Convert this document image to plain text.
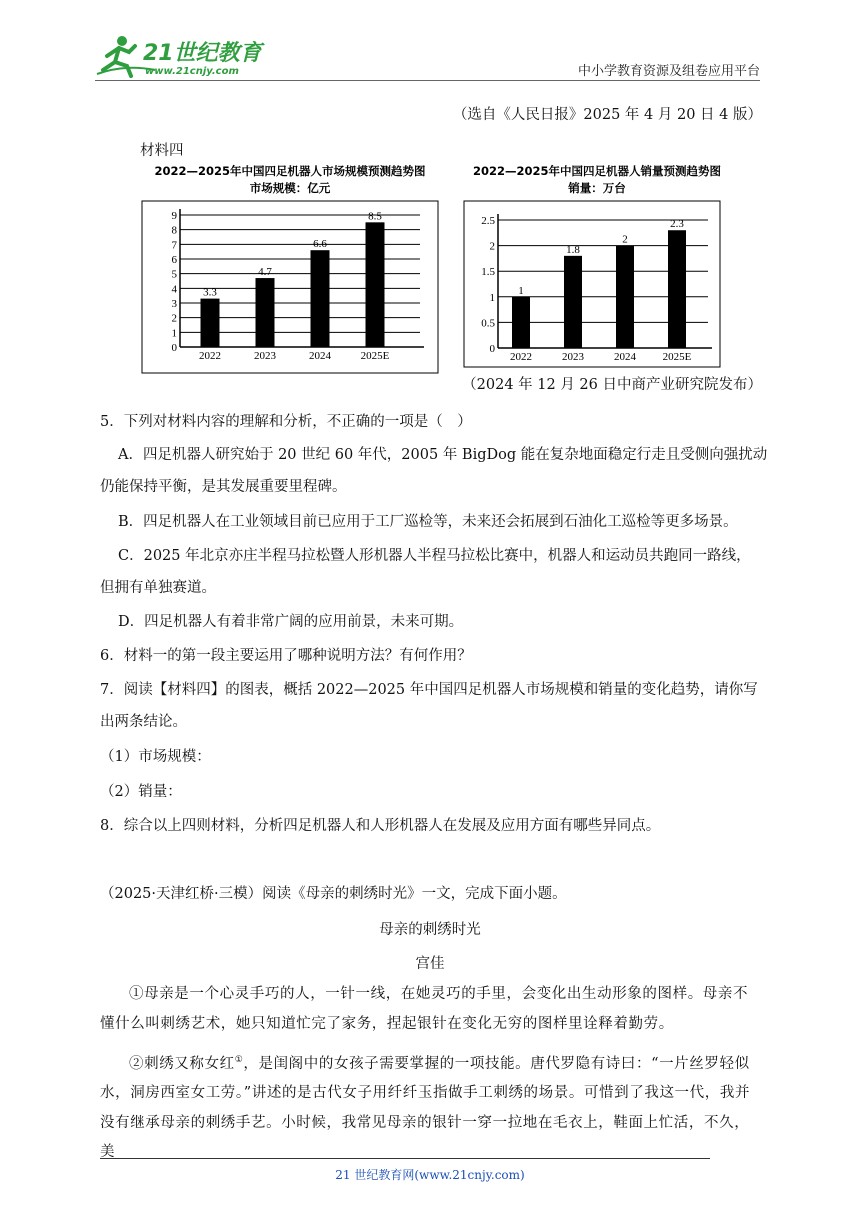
21世纪教育
www.21cnjy.com	中小学教育资源及组卷应用平台
（选自《人民日报》2025 年 4 月 20 日 4 版）
材料四
2022—2025年中国四足机器人市场规模预测趋势图
市场规模：亿元
0
1
2
3
4
5
6
7
8
9
3.3
2022
4.7
2023
6.6
2024
8.5
2025E
2022—2025年中国四足机器人销量预测趋势图
销量：万台
0
0.5
1
1.5
2
2.5
1
2022
1.8
2023
2
2024
2.3
2025E
（2024 年 12 月 26 日中商产业研究院发布）
5．下列对材料内容的理解和分析，不正确的一项是（　）
A．四足机器人研究始于 20 世纪 60 年代，2005 年 BigDog 能在复杂地面稳定行走且受侧向强扰动
仍能保持平衡，是其发展重要里程碑。
B．四足机器人在工业领域目前已应用于工厂巡检等，未来还会拓展到石油化工巡检等更多场景。
C．2025 年北京亦庄半程马拉松暨人形机器人半程马拉松比赛中，机器人和运动员共跑同一路线，
但拥有单独赛道。
D．四足机器人有着非常广阔的应用前景，未来可期。
6．材料一的第一段主要运用了哪种说明方法？有何作用？
7．阅读【材料四】的图表，概括 2022—2025 年中国四足机器人市场规模和销量的变化趋势，请你写
出两条结论。
（1）市场规模：
（2）销量：
8．综合以上四则材料，分析四足机器人和人形机器人在发展及应用方面有哪些异同点。
（2025·天津红桥·三模）阅读《母亲的刺绣时光》一文，完成下面小题。
母亲的刺绣时光
宫佳
①母亲是一个心灵手巧的人，一针一线，在她灵巧的手里，会变化出生动形象的图样。母亲不懂什么叫刺绣艺术，她只知道忙完了家务，捏起银针在变化无穷的图样里诠释着勤劳。
②刺绣又称女红①，是闺阁中的女孩子需要掌握的一项技能。唐代罗隐有诗曰：“一片丝罗轻似水，洞房西室女工劳。”讲述的是古代女子用纤纤玉指做手工刺绣的场景。可惜到了我这一代，我并没有继承母亲的刺绣手艺。小时候，我常见母亲的银针一穿一拉地在毛衣上，鞋面上忙活，不久，美
21 世纪教育网(www.21cnjy.com)
